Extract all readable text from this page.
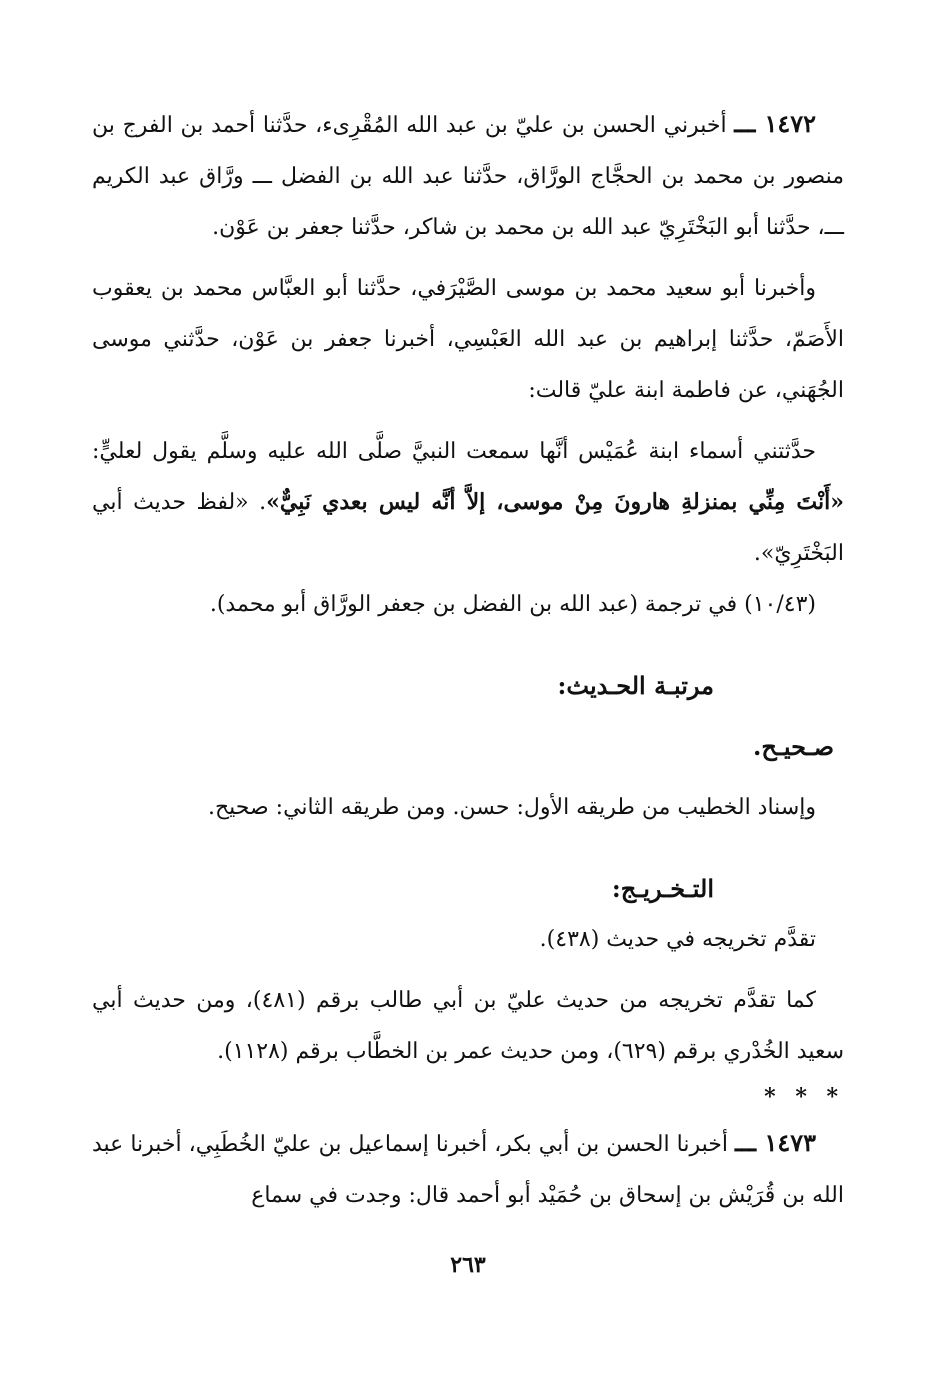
١٤٧٢ ـــ أخبرني الحسن بن عليّ بن عبد الله المُقْرِىء، حدَّثنا أحمد بن الفرج بن منصور بن محمد بن الحجَّاج الورَّاق، حدَّثنا عبد الله بن الفضل ـــ ورَّاق عبد الكريم ـــ، حدَّثنا أبو البَخْتَرِيّ عبد الله بن محمد بن شاكر، حدَّثنا جعفر بن عَوْن.

وأخبرنا أبو سعيد محمد بن موسى الصَّيْرَفي، حدَّثنا أبو العبَّاس محمد بن يعقوب الأَصَمّ، حدَّثنا إبراهيم بن عبد الله العَبْسِي، أخبرنا جعفر بن عَوْن، حدَّثني موسى الجُهَني، عن فاطمة ابنة عليّ قالت:

حدَّثتني أسماء ابنة عُمَيْس أنَّها سمعت النبيَّ صلَّى الله عليه وسلَّم يقول لعليٍّ: «أَنْتَ مِنِّي بمنزلةِ هارونَ مِنْ موسى، إلاَّ أنَّه ليس بعدي نَبِيٌّ». «لفظ حديث أبي البَخْتَرِيّ».

(١٠/٤٣) في ترجمة (عبد الله بن الفضل بن جعفر الورَّاق أبو محمد).

مرتبـة الحـديث:

صـحيـح.

وإسناد الخطيب من طريقه الأول: حسن. ومن طريقه الثاني: صحيح.

التـخـريـج:

تقدَّم تخريجه في حديث (٤٣٨).

كما تقدَّم تخريجه من حديث عليّ بن أبي طالب برقم (٤٨١)، ومن حديث أبي سعيد الخُدْري برقم (٦٢٩)، ومن حديث عمر بن الخطَّاب برقم (١١٢٨).

* * *

١٤٧٣ ـــ أخبرنا الحسن بن أبي بكر، أخبرنا إسماعيل بن عليّ الخُطَبِي، أخبرنا عبد الله بن قُرَيْش بن إسحاق بن حُمَيْد أبو أحمد قال: وجدت في سماع

٢٦٣
